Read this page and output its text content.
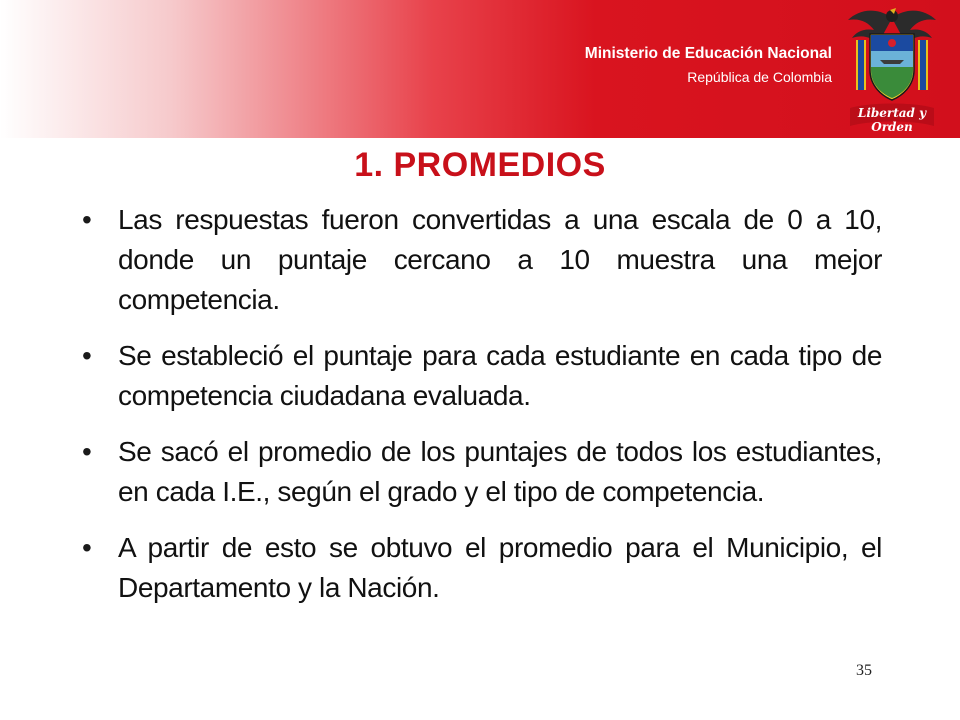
Ministerio de Educación Nacional
República de Colombia
Libertad y Orden
1. PROMEDIOS
• Las respuestas fueron convertidas a una escala de 0 a 10, donde un puntaje cercano a 10 muestra una mejor competencia.
• Se estableció el puntaje para cada estudiante en cada tipo de competencia ciudadana evaluada.
• Se sacó el promedio de los puntajes de todos los estudiantes, en cada I.E., según el grado y el tipo de competencia.
• A partir de esto se obtuvo el promedio para el Municipio, el Departamento y la Nación.
35
